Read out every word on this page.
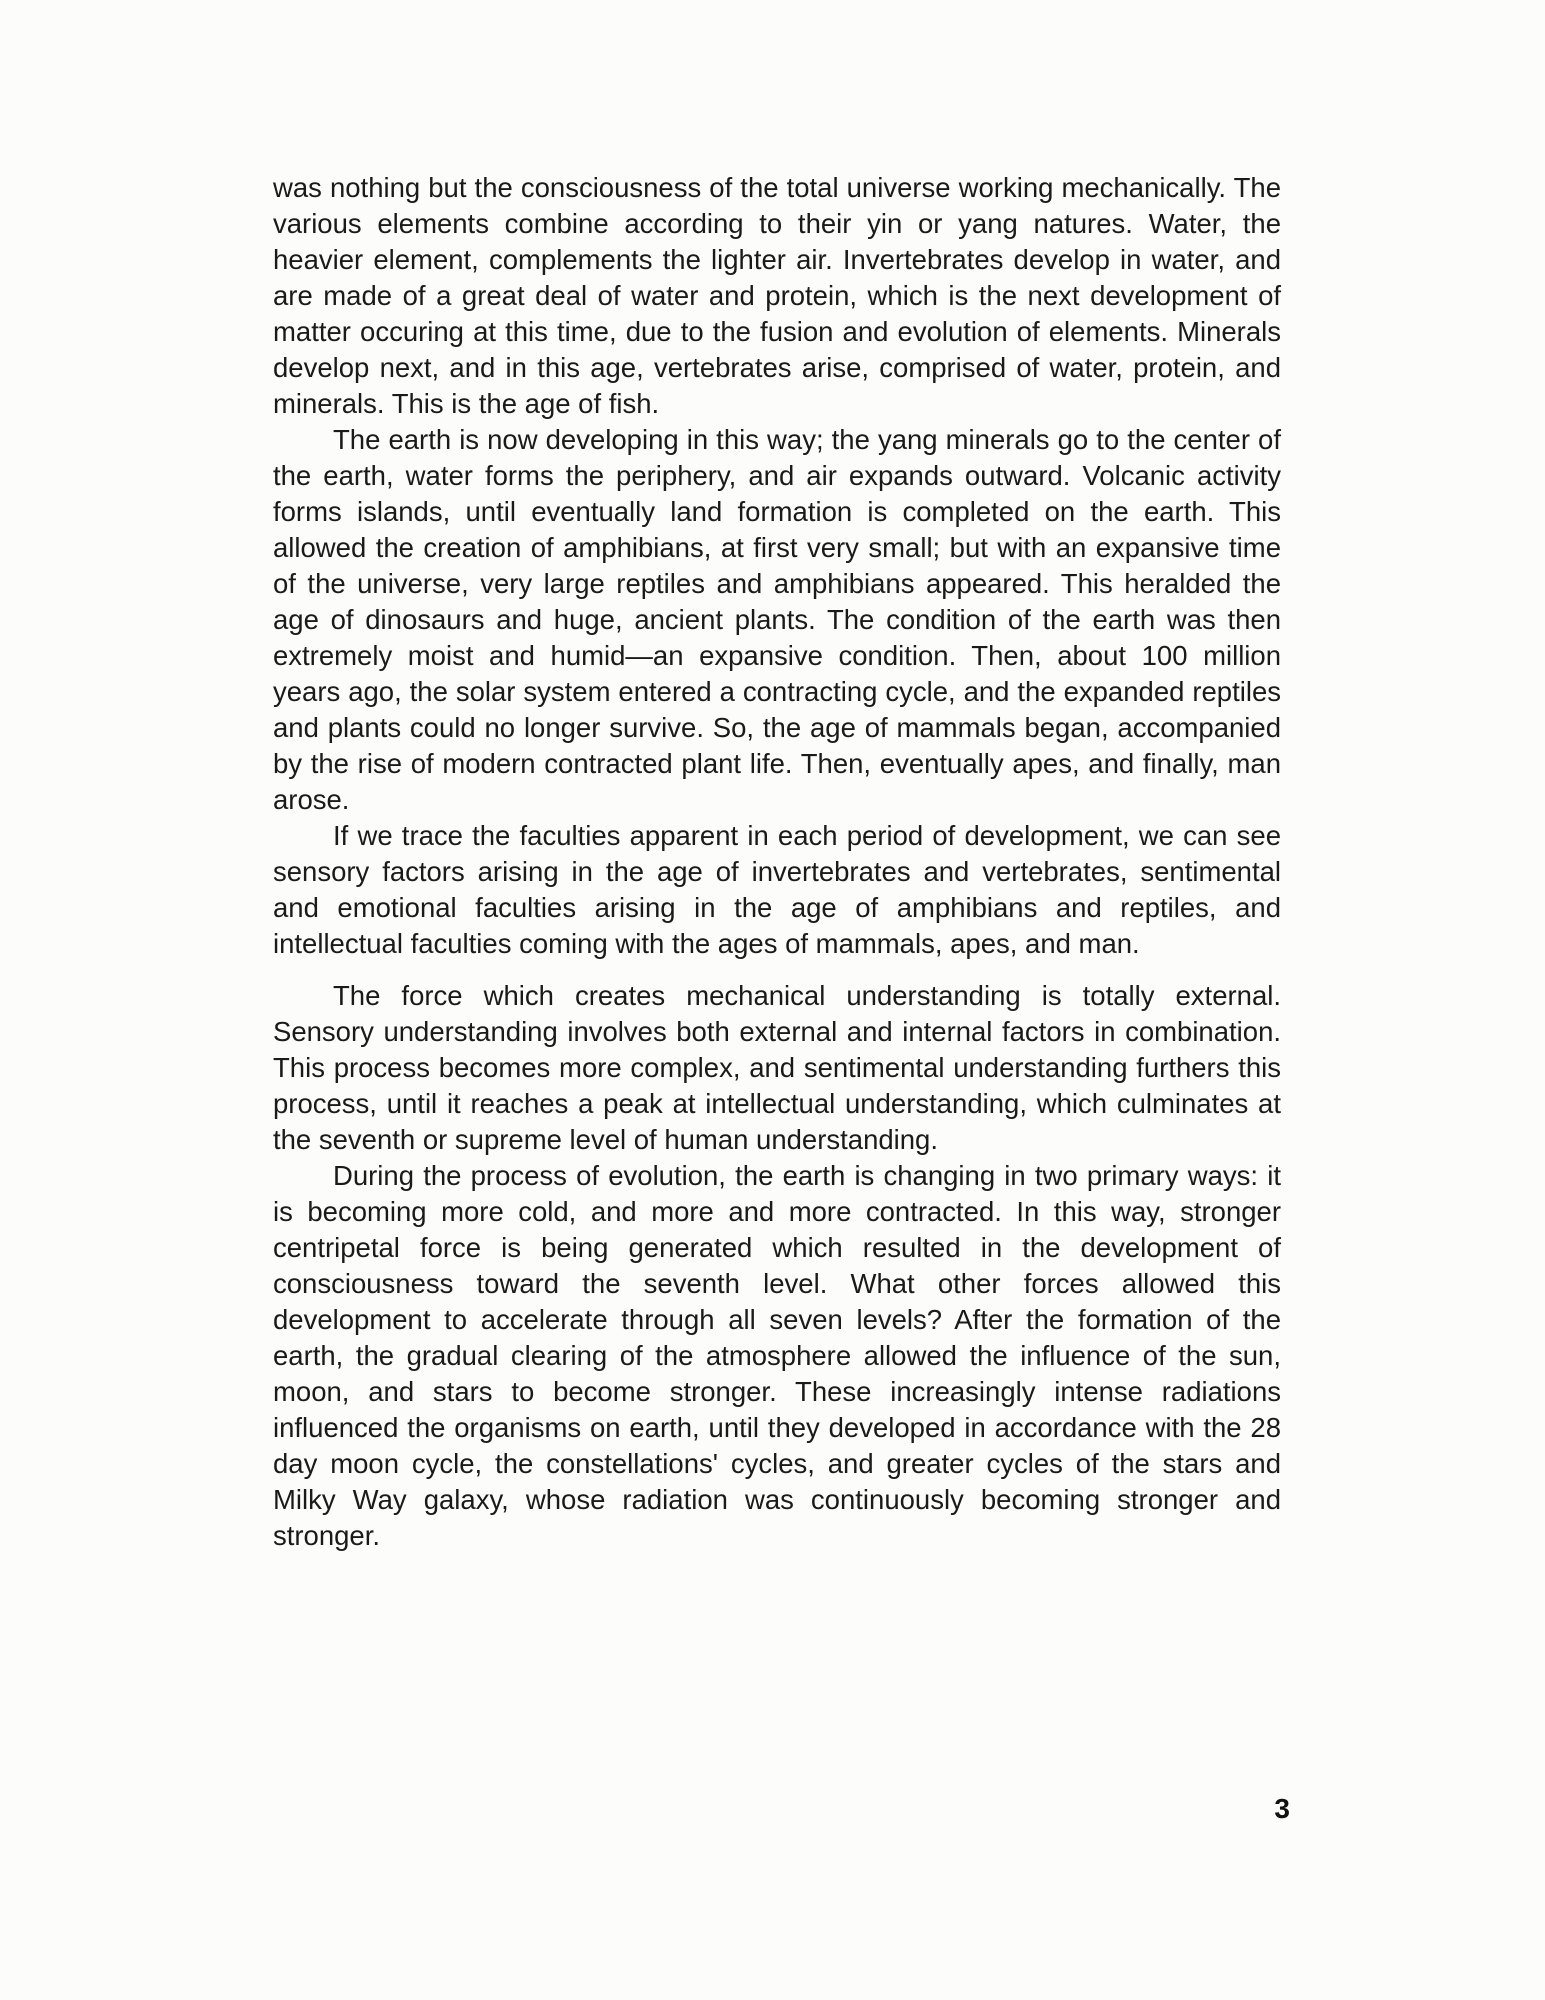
was nothing but the consciousness of the total universe working mechanically. The various elements combine according to their yin or yang natures. Water, the heavier element, complements the lighter air. Invertebrates develop in water, and are made of a great deal of water and protein, which is the next development of matter occuring at this time, due to the fusion and evolution of elements. Minerals develop next, and in this age, vertebrates arise, comprised of water, protein, and minerals. This is the age of fish.

The earth is now developing in this way; the yang minerals go to the center of the earth, water forms the periphery, and air expands outward. Volcanic activity forms islands, until eventually land formation is completed on the earth. This allowed the creation of amphibians, at first very small; but with an expansive time of the universe, very large reptiles and amphibians appeared. This heralded the age of dinosaurs and huge, ancient plants. The condition of the earth was then extremely moist and humid—an expansive condition. Then, about 100 million years ago, the solar system entered a contracting cycle, and the expanded reptiles and plants could no longer survive. So, the age of mammals began, accompanied by the rise of modern contracted plant life. Then, eventually apes, and finally, man arose.

If we trace the faculties apparent in each period of development, we can see sensory factors arising in the age of invertebrates and vertebrates, sentimental and emotional faculties arising in the age of amphibians and reptiles, and intellectual faculties coming with the ages of mammals, apes, and man.

The force which creates mechanical understanding is totally external. Sensory understanding involves both external and internal factors in combination. This process becomes more complex, and sentimental understanding furthers this process, until it reaches a peak at intellectual understanding, which culminates at the seventh or supreme level of human understanding.

During the process of evolution, the earth is changing in two primary ways: it is becoming more cold, and more and more contracted. In this way, stronger centripetal force is being generated which resulted in the development of consciousness toward the seventh level. What other forces allowed this development to accelerate through all seven levels? After the formation of the earth, the gradual clearing of the atmosphere allowed the influence of the sun, moon, and stars to become stronger. These increasingly intense radiations influenced the organisms on earth, until they developed in accordance with the 28 day moon cycle, the constellations' cycles, and greater cycles of the stars and Milky Way galaxy, whose radiation was continuously becoming stronger and stronger.

3
